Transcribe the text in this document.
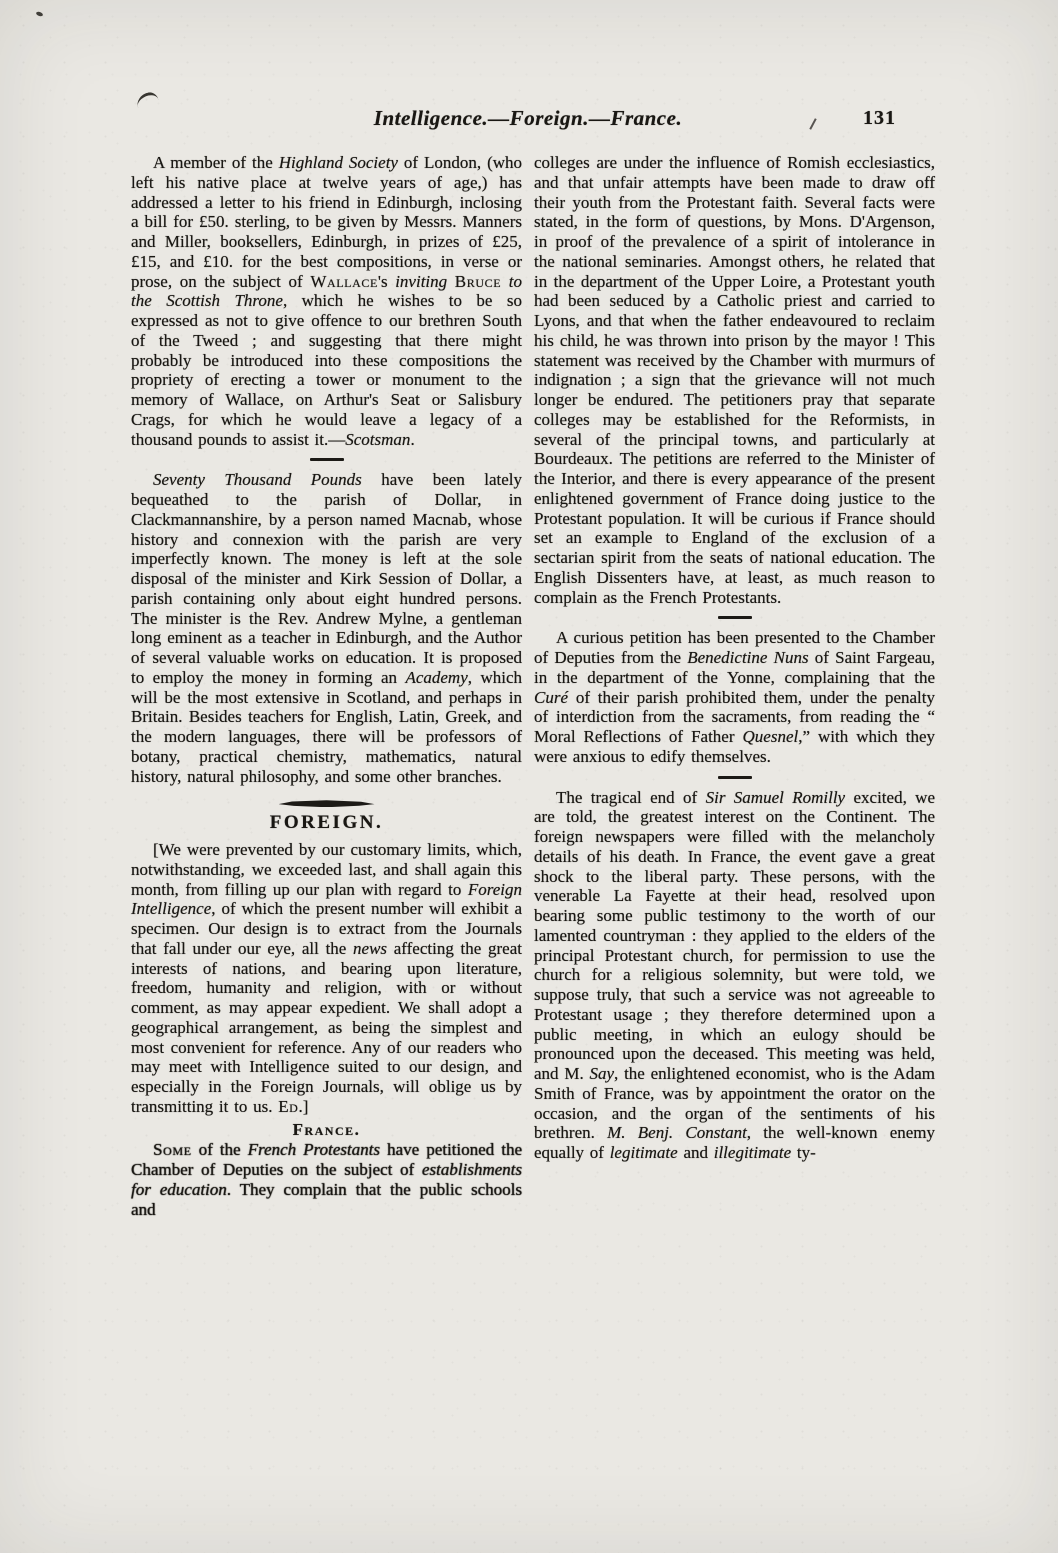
Intelligence.—Foreign.—France.	131

A member of the Highland Society of London, (who left his native place at twelve years of age,) has addressed a letter to his friend in Edinburgh, inclosing a bill for £50. sterling, to be given by Messrs. Manners and Miller, booksellers, Edinburgh, in prizes of £25, £15, and £10. for the best compositions, in verse or prose, on the subject of Wallace's inviting Bruce to the Scottish Throne, which he wishes to be so expressed as not to give offence to our brethren South of the Tweed ; and suggesting that there might probably be introduced into these compositions the propriety of erecting a tower or monument to the memory of Wallace, on Arthur's Seat or Salisbury Crags, for which he would leave a legacy of a thousand pounds to assist it.—Scotsman.

Seventy Thousand Pounds have been lately bequeathed to the parish of Dollar, in Clackmannanshire, by a person named Macnab, whose history and connexion with the parish are very imperfectly known. The money is left at the sole disposal of the minister and Kirk Session of Dollar, a parish containing only about eight hundred persons. The minister is the Rev. Andrew Mylne, a gentleman long eminent as a teacher in Edinburgh, and the Author of several valuable works on education. It is proposed to employ the money in forming an Academy, which will be the most extensive in Scotland, and perhaps in Britain. Besides teachers for English, Latin, Greek, and the modern languages, there will be professors of botany, practical chemistry, mathematics, natural history, natural philosophy, and some other branches.

FOREIGN.

[We were prevented by our customary limits, which, notwithstanding, we exceeded last, and shall again this month, from filling up our plan with regard to Foreign Intelligence, of which the present number will exhibit a specimen. Our design is to extract from the Journals that fall under our eye, all the news affecting the great interests of nations, and bearing upon literature, freedom, humanity and religion, with or without comment, as may appear expedient. We shall adopt a geographical arrangement, as being the simplest and most convenient for reference. Any of our readers who may meet with Intelligence suited to our design, and especially in the Foreign Journals, will oblige us by transmitting it to us. Ed.]

France.

Some of the French Protestants have petitioned the Chamber of Deputies on the subject of establishments for education. They complain that the public schools and

colleges are under the influence of Romish ecclesiastics, and that unfair attempts have been made to draw off their youth from the Protestant faith. Several facts were stated, in the form of questions, by Mons. D'Argenson, in proof of the prevalence of a spirit of intolerance in the national seminaries. Amongst others, he related that in the department of the Upper Loire, a Protestant youth had been seduced by a Catholic priest and carried to Lyons, and that when the father endeavoured to reclaim his child, he was thrown into prison by the mayor ! This statement was received by the Chamber with murmurs of indignation ; a sign that the grievance will not much longer be endured. The petitioners pray that separate colleges may be established for the Reformists, in several of the principal towns, and particularly at Bourdeaux. The petitions are referred to the Minister of the Interior, and there is every appearance of the present enlightened government of France doing justice to the Protestant population. It will be curious if France should set an example to England of the exclusion of a sectarian spirit from the seats of national education. The English Dissenters have, at least, as much reason to complain as the French Protestants.

A curious petition has been presented to the Chamber of Deputies from the Benedictine Nuns of Saint Fargeau, in the department of the Yonne, complaining that the Curé of their parish prohibited them, under the penalty of interdiction from the sacraments, from reading the “ Moral Reflections of Father Quesnel,” with which they were anxious to edify themselves.

The tragical end of Sir Samuel Romilly excited, we are told, the greatest interest on the Continent. The foreign newspapers were filled with the melancholy details of his death. In France, the event gave a great shock to the liberal party. These persons, with the venerable La Fayette at their head, resolved upon bearing some public testimony to the worth of our lamented countryman : they applied to the elders of the principal Protestant church, for permission to use the church for a religious solemnity, but were told, we suppose truly, that such a service was not agreeable to Protestant usage ; they therefore determined upon a public meeting, in which an eulogy should be pronounced upon the deceased. This meeting was held, and M. Say, the enlightened economist, who is the Adam Smith of France, was by appointment the orator on the occasion, and the organ of the sentiments of his brethren. M. Benj. Constant, the well-known enemy equally of legitimate and illegitimate ty-
